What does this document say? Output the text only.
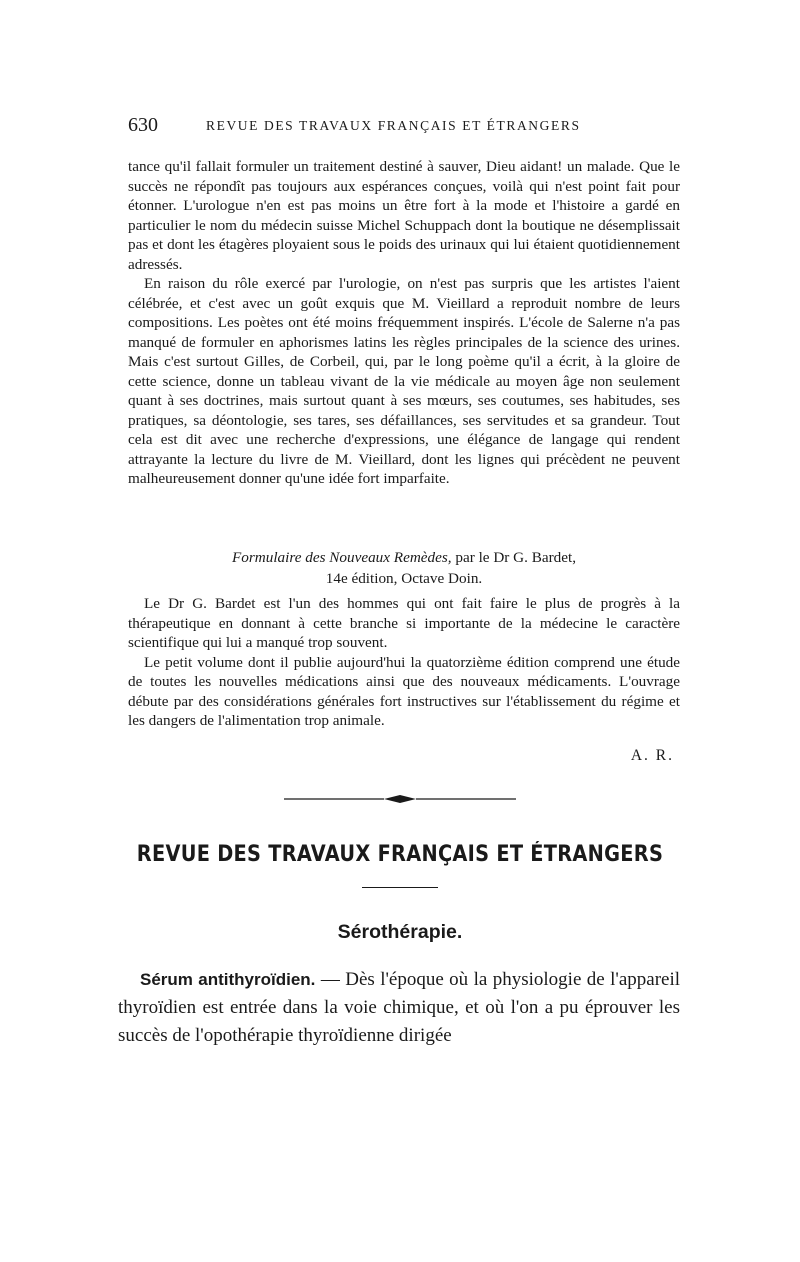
630	REVUE DES TRAVAUX FRANÇAIS ET ÉTRANGERS

tance qu'il fallait formuler un traitement destiné à sauver, Dieu aidant! un malade. Que le succès ne répondît pas toujours aux espérances conçues, voilà qui n'est point fait pour étonner. L'urologue n'en est pas moins un être fort à la mode et l'histoire a gardé en particulier le nom du médecin suisse Michel Schuppach dont la boutique ne désemplissait pas et dont les étagères ployaient sous le poids des urinaux qui lui étaient quotidiennement adressés.

En raison du rôle exercé par l'urologie, on n'est pas surpris que les artistes l'aient célébrée, et c'est avec un goût exquis que M. Vieillard a reproduit nombre de leurs compositions. Les poètes ont été moins fréquemment inspirés. L'école de Salerne n'a pas manqué de formuler en aphorismes latins les règles principales de la science des urines. Mais c'est surtout Gilles, de Corbeil, qui, par le long poème qu'il a écrit, à la gloire de cette science, donne un tableau vivant de la vie médicale au moyen âge non seulement quant à ses doctrines, mais surtout quant à ses mœurs, ses coutumes, ses habitudes, ses pratiques, sa déontologie, ses tares, ses défaillances, ses servitudes et sa grandeur. Tout cela est dit avec une recherche d'expressions, une élégance de langage qui rendent attrayante la lecture du livre de M. Vieillard, dont les lignes qui précèdent ne peuvent malheureusement donner qu'une idée fort imparfaite.

Formulaire des Nouveaux Remèdes, par le Dr G. Bardet,
14e édition, Octave Doin.

Le Dr G. Bardet est l'un des hommes qui ont fait faire le plus de progrès à la thérapeutique en donnant à cette branche si importante de la médecine le caractère scientifique qui lui a manqué trop souvent.

Le petit volume dont il publie aujourd'hui la quatorzième édition comprend une étude de toutes les nouvelles médications ainsi que des nouveaux médicaments. L'ouvrage débute par des considérations générales fort instructives sur l'établissement du régime et les dangers de l'alimentation trop animale.

A. R.
REVUE DES TRAVAUX FRANÇAIS ET ÉTRANGERS
Sérothérapie.

Sérum antithyroïdien. — Dès l'époque où la physiologie de l'appareil thyroïdien est entrée dans la voie chimique, et où l'on a pu éprouver les succès de l'opothérapie thyroïdienne dirigée
